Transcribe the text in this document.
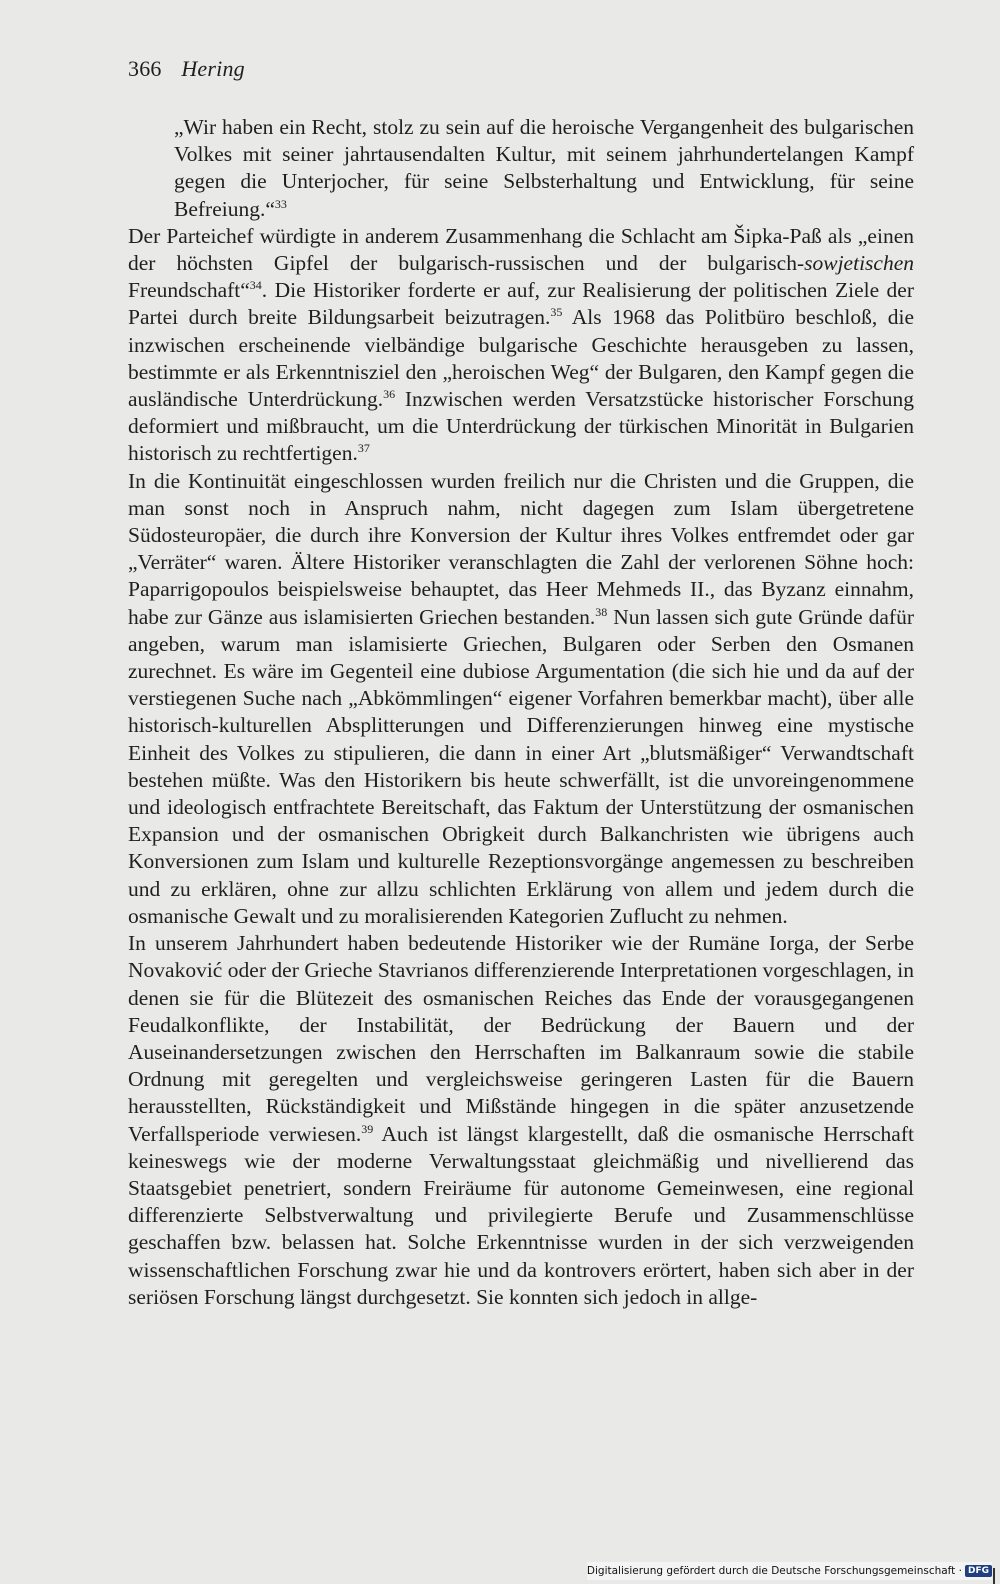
366 Hering

„Wir haben ein Recht, stolz zu sein auf die heroische Vergangenheit des bulgarischen Volkes mit seiner jahrtausendalten Kultur, mit seinem jahrhundertelangen Kampf gegen die Unterjocher, für seine Selbsterhaltung und Entwicklung, für seine Befreiung.“$^{33}$

Der Parteichef würdigte in anderem Zusammenhang die Schlacht am Šipka-Paß als „einen der höchsten Gipfel der bulgarisch-russischen und der bulgarisch-sowjetischen Freundschaft“$^{34}$. Die Historiker forderte er auf, zur Realisierung der politischen Ziele der Partei durch breite Bildungsarbeit beizutragen.$^{35}$ Als 1968 das Politbüro beschloß, die inzwischen erscheinende vielbändige bulgarische Geschichte herausgeben zu lassen, bestimmte er als Erkenntnisziel den „heroischen Weg“ der Bulgaren, den Kampf gegen die ausländische Unterdrückung.$^{36}$ Inzwischen werden Versatzstücke historischer Forschung deformiert und mißbraucht, um die Unterdrückung der türkischen Minorität in Bulgarien historisch zu rechtfertigen.$^{37}$

In die Kontinuität eingeschlossen wurden freilich nur die Christen und die Gruppen, die man sonst noch in Anspruch nahm, nicht dagegen zum Islam übergetretene Südosteuropäer, die durch ihre Konversion der Kultur ihres Volkes entfremdet oder gar „Verräter“ waren. Ältere Historiker veranschlagten die Zahl der verlorenen Söhne hoch: Paparrigopoulos beispielsweise behauptet, das Heer Mehmeds II., das Byzanz einnahm, habe zur Gänze aus islamisierten Griechen bestanden.$^{38}$ Nun lassen sich gute Gründe dafür angeben, warum man islamisierte Griechen, Bulgaren oder Serben den Osmanen zurechnet. Es wäre im Gegenteil eine dubiose Argumentation (die sich hie und da auf der verstiegenen Suche nach „Abkömmlingen“ eigener Vorfahren bemerkbar macht), über alle historisch-kulturellen Absplitterungen und Differenzierungen hinweg eine mystische Einheit des Volkes zu stipulieren, die dann in einer Art „blutsmäßiger“ Verwandtschaft bestehen müßte. Was den Historikern bis heute schwerfällt, ist die unvoreingenommene und ideologisch entfrachtete Bereitschaft, das Faktum der Unterstützung der osmanischen Expansion und der osmanischen Obrigkeit durch Balkanchristen wie übrigens auch Konversionen zum Islam und kulturelle Rezeptionsvorgänge angemessen zu beschreiben und zu erklären, ohne zur allzu schlichten Erklärung von allem und jedem durch die osmanische Gewalt und zu moralisierenden Kategorien Zuflucht zu nehmen.

In unserem Jahrhundert haben bedeutende Historiker wie der Rumäne Iorga, der Serbe Novaković oder der Grieche Stavrianos differenzierende Interpretationen vorgeschlagen, in denen sie für die Blütezeit des osmanischen Reiches das Ende der vorausgegangenen Feudalkonflikte, der Instabilität, der Bedrückung der Bauern und der Auseinandersetzungen zwischen den Herrschaften im Balkanraum sowie die stabile Ordnung mit geregelten und vergleichsweise geringeren Lasten für die Bauern herausstellten, Rückständigkeit und Mißstände hingegen in die später anzusetzende Verfallsperiode verwiesen.$^{39}$ Auch ist längst klargestellt, daß die osmanische Herrschaft keineswegs wie der moderne Verwaltungsstaat gleichmäßig und nivellierend das Staatsgebiet penetriert, sondern Freiräume für autonome Gemeinwesen, eine regional differenzierte Selbstverwaltung und privilegierte Berufe und Zusammenschlüsse geschaffen bzw. belassen hat. Solche Erkenntnisse wurden in der sich verzweigenden wissenschaftlichen Forschung zwar hie und da kontrovers erörtert, haben sich aber in der seriösen Forschung längst durchgesetzt. Sie konnten sich jedoch in allge-

Digitalisierung gefördert durch die Deutsche Forschungsgemeinschaft · DFG
